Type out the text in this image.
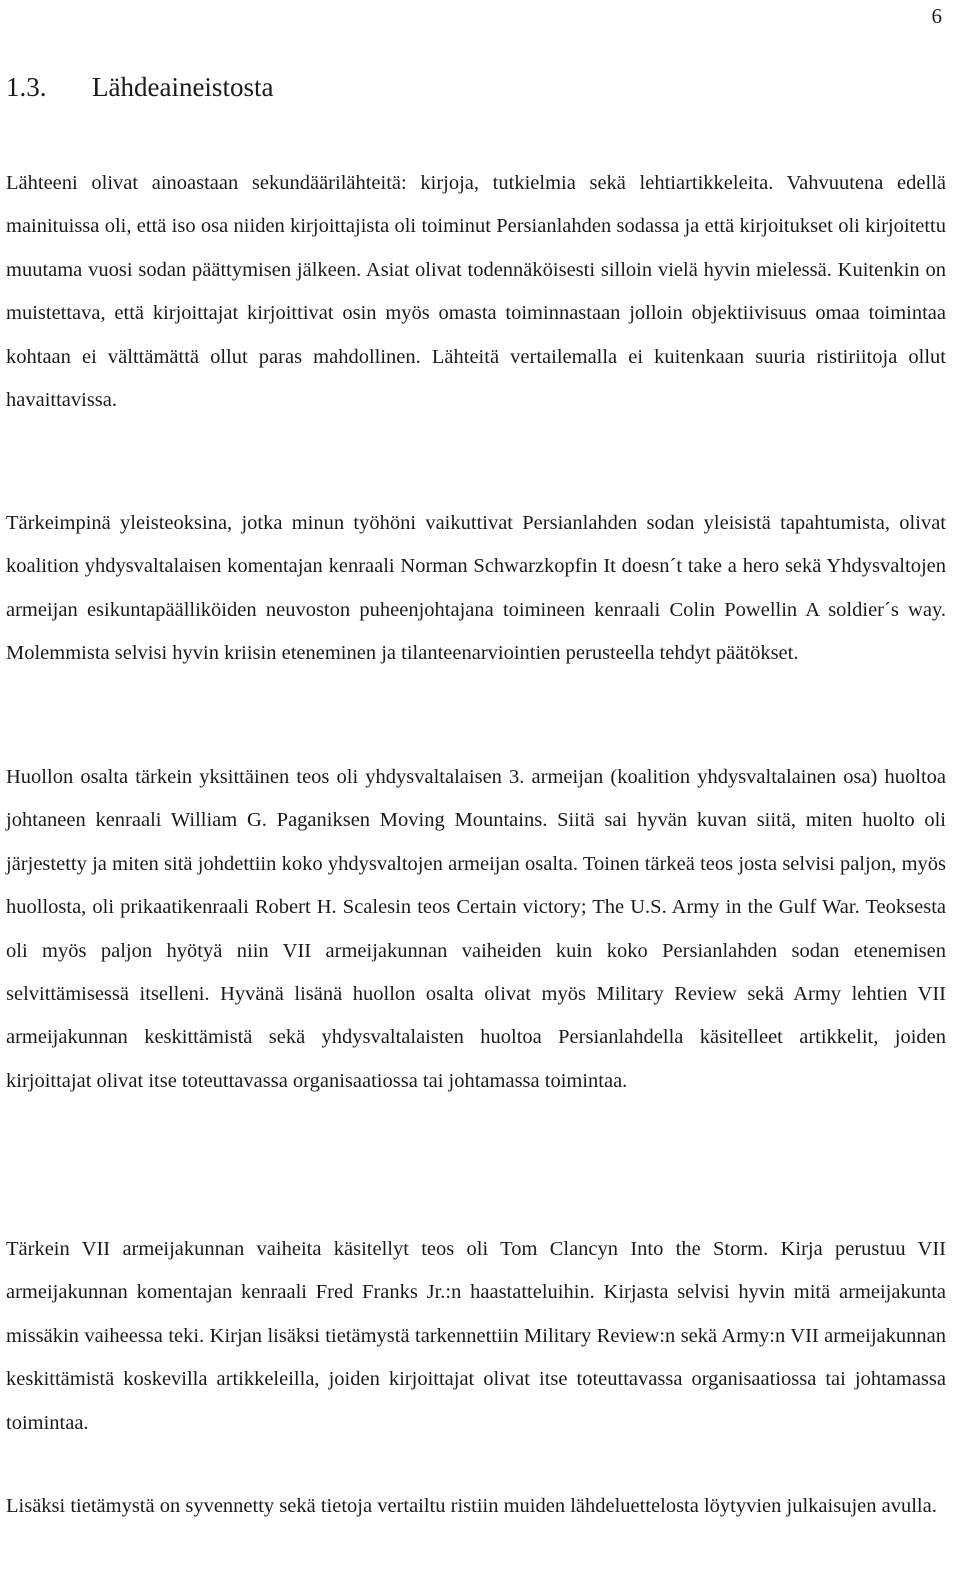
6
1.3. Lähdeaineistosta

Lähteeni olivat ainoastaan sekundäärilähteitä: kirjoja, tutkielmia sekä lehtiartikkeleita. Vahvuutena edellä mainituissa oli, että iso osa niiden kirjoittajista oli toiminut Persianlahden sodassa ja että kirjoitukset oli kirjoitettu muutama vuosi sodan päättymisen jälkeen. Asiat olivat todennäköisesti silloin vielä hyvin mielessä. Kuitenkin on muistettava, että kirjoittajat kirjoittivat osin myös omasta toiminnastaan jolloin objektiivisuus omaa toimintaa kohtaan ei välttämättä ollut paras mahdollinen. Lähteitä vertailemalla ei kuitenkaan suuria ristiriitoja ollut havaittavissa.

Tärkeimpinä yleisteoksina, jotka minun työhöni vaikuttivat Persianlahden sodan yleisistä tapahtumista, olivat koalition yhdysvaltalaisen komentajan kenraali Norman Schwarzkopfin It doesn´t take a hero sekä Yhdysvaltojen armeijan esikuntapäälliköiden neuvoston puheenjohtajana toimineen kenraali Colin Powellin A soldier´s way. Molemmista selvisi hyvin kriisin eteneminen ja tilanteenarviointien perusteella tehdyt päätökset.

Huollon osalta tärkein yksittäinen teos oli yhdysvaltalaisen 3. armeijan (koalition yhdysvaltalainen osa) huoltoa johtaneen kenraali William G. Paganiksen Moving Mountains. Siitä sai hyvän kuvan siitä, miten huolto oli järjestetty ja miten sitä johdettiin koko yhdysvaltojen armeijan osalta. Toinen tärkeä teos josta selvisi paljon, myös huollosta, oli prikaatikenraali Robert H. Scalesin teos Certain victory; The U.S. Army in the Gulf War. Teoksesta oli myös paljon hyötyä niin VII armeijakunnan vaiheiden kuin koko Persianlahden sodan etenemisen selvittämisessä itselleni. Hyvänä lisänä huollon osalta olivat myös Military Review sekä Army lehtien VII armeijakunnan keskittämistä sekä yhdysvaltalaisten huoltoa Persianlahdella käsitelleet artikkelit, joiden kirjoittajat olivat itse toteuttavassa organisaatiossa tai johtamassa toimintaa.

Tärkein VII armeijakunnan vaiheita käsitellyt teos oli Tom Clancyn Into the Storm. Kirja perustuu VII armeijakunnan komentajan kenraali Fred Franks Jr.:n haastatteluihin. Kirjasta selvisi hyvin mitä armeijakunta missäkin vaiheessa teki. Kirjan lisäksi tietämystä tarkennettiin Military Review:n sekä Army:n VII armeijakunnan keskittämistä koskevilla artikkeleilla, joiden kirjoittajat olivat itse toteuttavassa organisaatiossa tai johtamassa toimintaa.

Lisäksi tietämystä on syvennetty sekä tietoja vertailtu ristiin muiden lähdeluettelosta löytyvien julkaisujen avulla.
